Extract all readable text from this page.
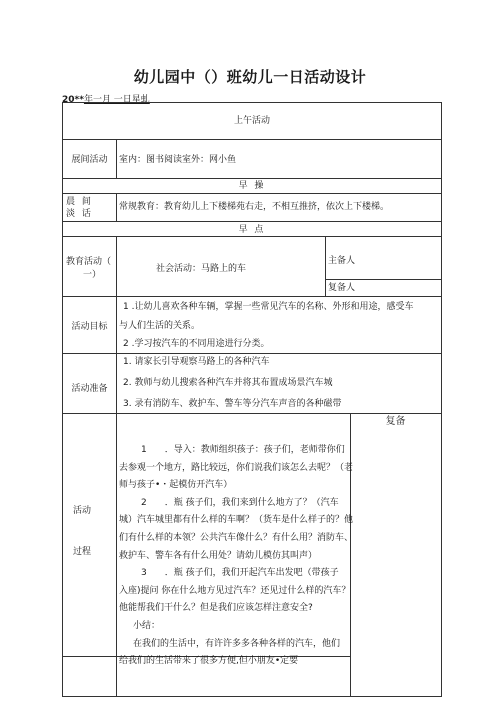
幼儿园中（）班幼儿一日活动设计
20**年一月 一日星虬
上午活动
展间活动	室内：图书阅读室外：网小鱼
早 操
晨 间
淡 话
常规教育：教育幼儿上下楼梯苑右走，不相互推挤，依次上下楼梯。
早 点
教育活动（
一）
社会活动：马路上的车
主备人
复备人
活动目标
1 .让幼儿喜欢各种车辆，掌握一些常见汽车的名称、外形和用途，感受车
与人们生活的关系。
2 .学习按汽车的不同用途进行分类。
活动准备
1. 请家长引导观察马路上的各种汽车
2. 教师与幼儿搜索各种汽车并将其布置成场景汽车城
3. 录有消防车、救护车、警车等分汽车声音的各种磁带
活动
过程
复备
1　　．导入：教师组织孩子：孩子们，老师带你们
去参观一个地方，路比较远，你们说我们该怎么去呢？（老
师与孩子•・起模仿开汽车）
2　　．瓶 孩子们，我们来到什么地方了？（汽车
城）汽车城里都有什么样的车啊？（货车是什么样子的？他
们有什么样的本领？公共汽车像什么？有什么用？消防车、
救护车、警车各有什么用处？请幼儿模仿其叫声）
3　　．瓶 孩子们，我们开起汽车出发吧（带孩子
入座)提问 你在什么地方见过汽车？还见过什么样的汽车？
他能帮我们干什么？但是我们应该怎样注意安全?
小结：
在我们的生活中，有许许多多各种各样的汽车，他们
给我们的生活带来了很多方便,但小朋友•定要
